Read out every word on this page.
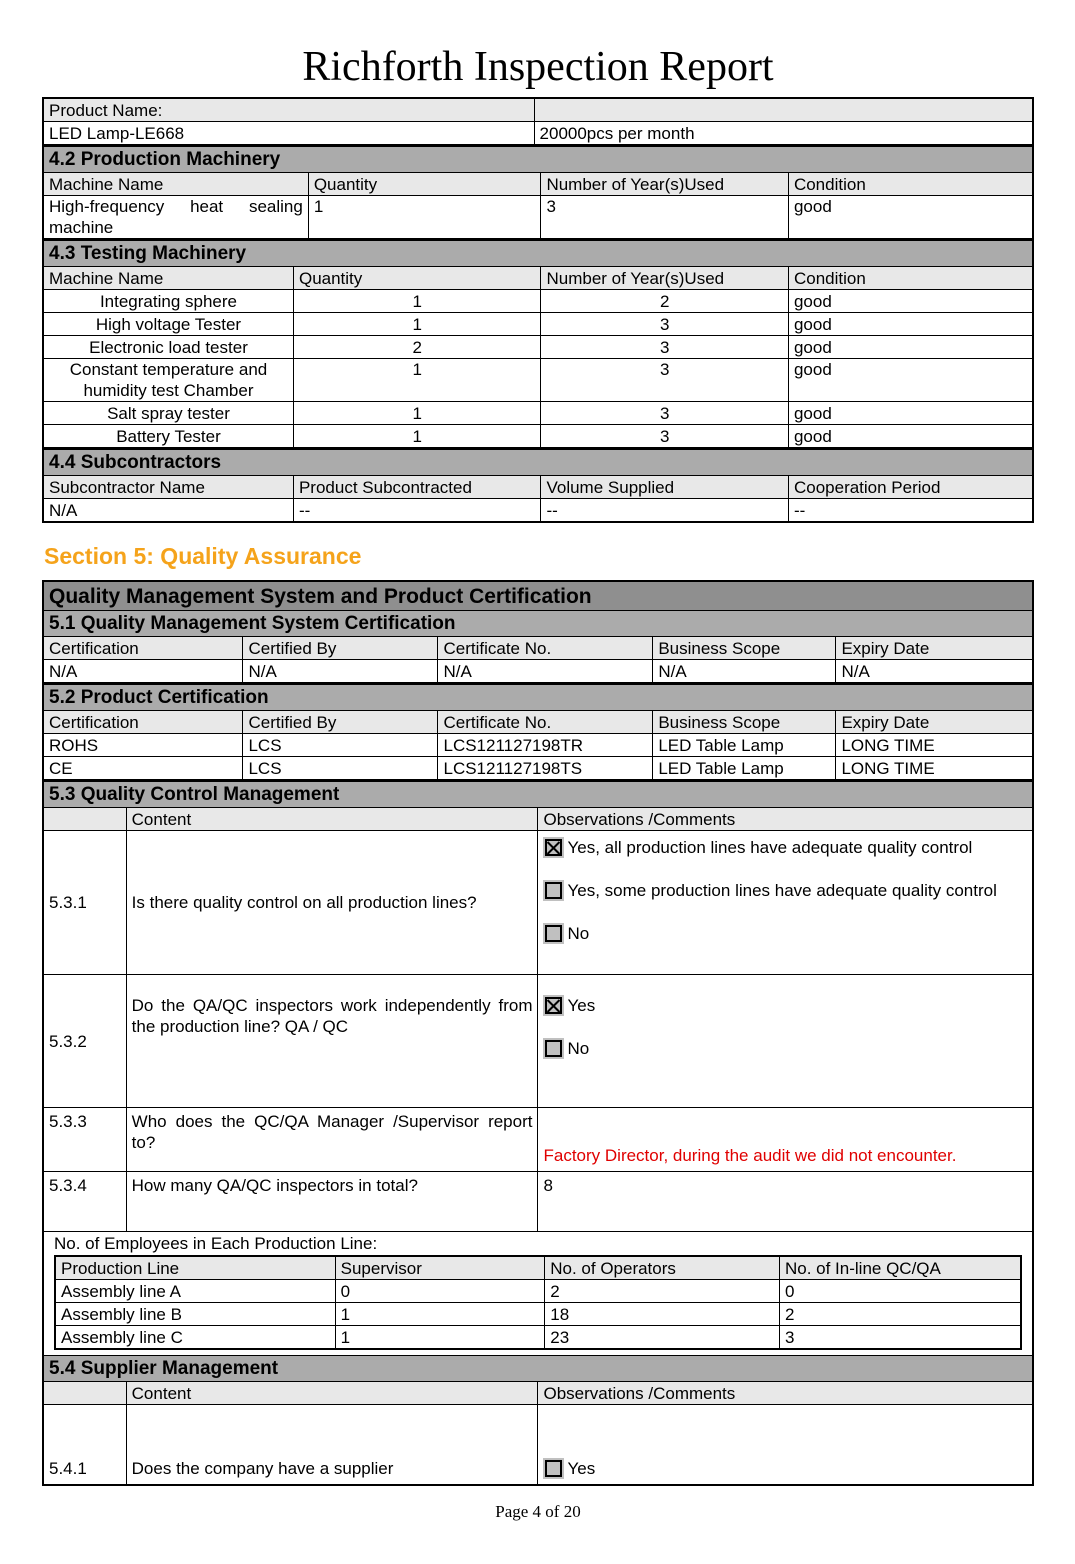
Richforth Inspection Report
Product Name:	
LED Lamp-LE668	20000pcs per month
4.2 Production Machinery			
Machine Name	Quantity	Number of Year(s)Used	Condition
High-frequency heat sealing machine	1	3	good
4.3 Testing Machinery			
Machine Name	Quantity	Number of Year(s)Used	Condition
Integrating sphere	1	2	good
High voltage Tester	1	3	good
Electronic load tester	2	3	good
Constant temperature and humidity test Chamber	1	3	good
Salt spray tester	1	3	good
Battery Tester	1	3	good
4.4 Subcontractors			
Subcontractor Name	Product Subcontracted	Volume Supplied	Cooperation Period
N/A	--	--	--
Section 5: Quality Assurance
Quality Management System and Product Certification				
5.1 Quality Management System Certification				
Certification	Certified By	Certificate No.	Business Scope	Expiry Date
N/A	N/A	N/A	N/A	N/A
5.2 Product Certification				
Certification	Certified By	Certificate No.	Business Scope	Expiry Date
ROHS	LCS	LCS121127198TR	LED Table Lamp	LONG TIME
CE	LCS	LCS121127198TS	LED Table Lamp	LONG TIME
5.3 Quality Control Management
	Content	Observations /Comments
5.3.1	Is there quality control on all production lines?	
Yes, all production lines have adequate quality control
Yes, some production lines have adequate quality control
No

5.3.2	Do the QA/QC inspectors work independently from the production line? QA / QC	
Yes
No

5.3.3	Who does the QC/QA Manager /Supervisor report to?	Factory Director, during the audit we did not encounter.
5.3.4	How many QA/QC inspectors in total?	8

No. of Employees in Each Production Line:
Production Line	Supervisor	No. of Operators	No. of In-line QC/QA
Assembly line A	0	2	0
Assembly line B	1	18	2
Assembly line C	1	23	3

5.4 Supplier Management
	Content	Observations /Comments
5.4.1	Does the company have a supplier	Yes
Page 4 of 20
